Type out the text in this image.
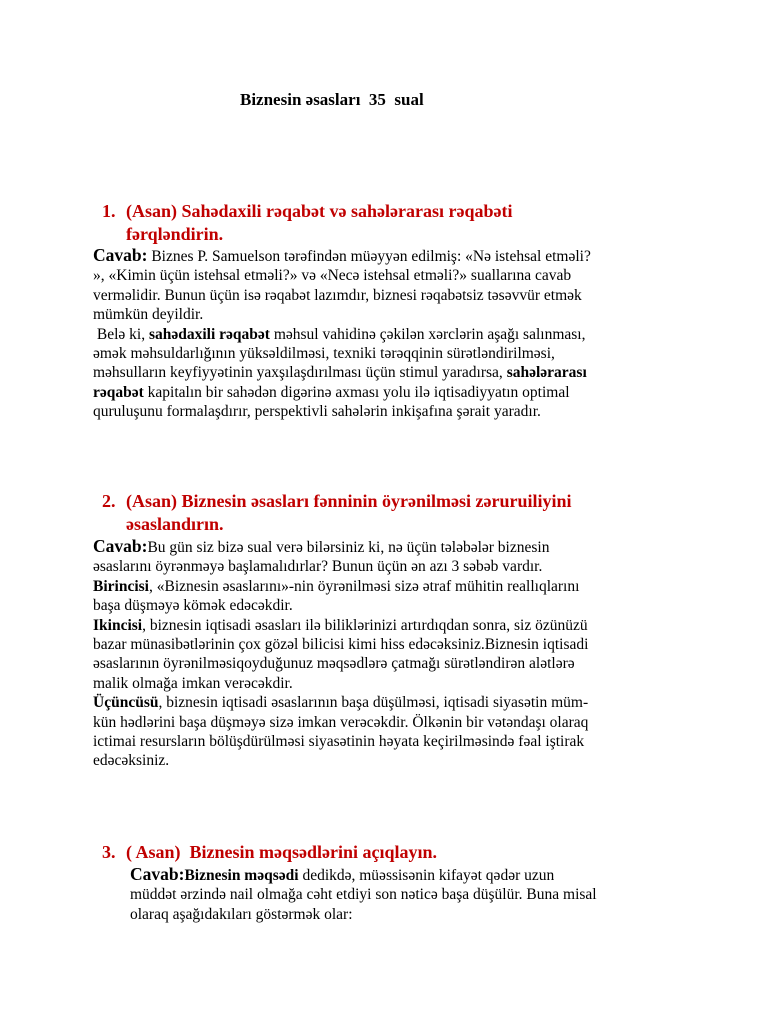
Biznesin əsasları  35  sual
1. (Asan) Sahədaxili rəqabət və sahələrarası rəqabəti
fərqləndirin.
Cavab: Biznes P. Samuelson tərəfindən müəyyən edilmiş: «Nə istehsal etməli?
», «Kimin üçün istehsal etməli?» və «Necə istehsal etməli?» suallarına cavab
verməlidir. Bunun üçün isə rəqabət lazımdır, biznesi rəqabətsiz təsəvvür etmək
mümkün deyildir.
Belə ki, sahədaxili rəqabət məhsul vahidinə çəkilən xərclərin aşağı salınması,
əmək məhsuldarlığının yüksəldilməsi, texniki tərəqqinin sürətləndirilməsi,
məhsulların keyfiyyətinin yaxşılaşdırılması üçün stimul yaradırsa, sahələrarası
rəqabət kapitalın bir sahədən digərinə axması yolu ilə iqtisadiyyatın optimal
quruluşunu formalaşdırır, perspektivli sahələrin inkişafına şərait yaradır.
2. (Asan) Biznesin əsasları fənninin öyrənilməsi zəruruiliyini
əsaslandırın.
Cavab:Bu gün siz bizə sual verə bilərsiniz ki, nə üçün tələbələr biznesin
əsaslarını öyrənməyə başlamalıdırlar? Bunun üçün ən azı 3 səbəb vardır.
Birincisi, «Biznesin əsaslarını»-nin öyrənilməsi sizə ətraf mühitin reallıqlarını
başa düşməyə kömək edəcəkdir.
Ikincisi, biznesin iqtisadi əsasları ilə biliklərinizi artırdıqdan sonra, siz özünüzü
bazar münasibətlərinin çox gözəl bilicisi kimi hiss edəcəksiniz.Biznesin iqtisadi
əsaslarının öyrənilməsiqoyduğunuz məqsədlərə çatmağı sürətləndirən alətlərə
malik olmağa imkan verəcəkdir.
Üçüncüsü, biznesin iqtisadi əsaslarının başa düşülməsi, iqtisadi siyasətin müm-
kün hədlərini başa düşməyə sizə imkan verəcəkdir. Ölkənin bir vətəndaşı olaraq
ictimai resursların bölüşdürülməsi siyasətinin həyata keçirilməsində fəal iştirak
edəcəksiniz.
3. ( Asan)  Biznesin məqsədlərini açıqlayın.
Cavab:Biznesin məqsədi dedikdə, müəssisənin kifayət qədər uzun
müddət ərzində nail olmağa cəht etdiyi son nəticə başa düşülür. Buna misal
olaraq aşağıdakıları göstərmək olar:
